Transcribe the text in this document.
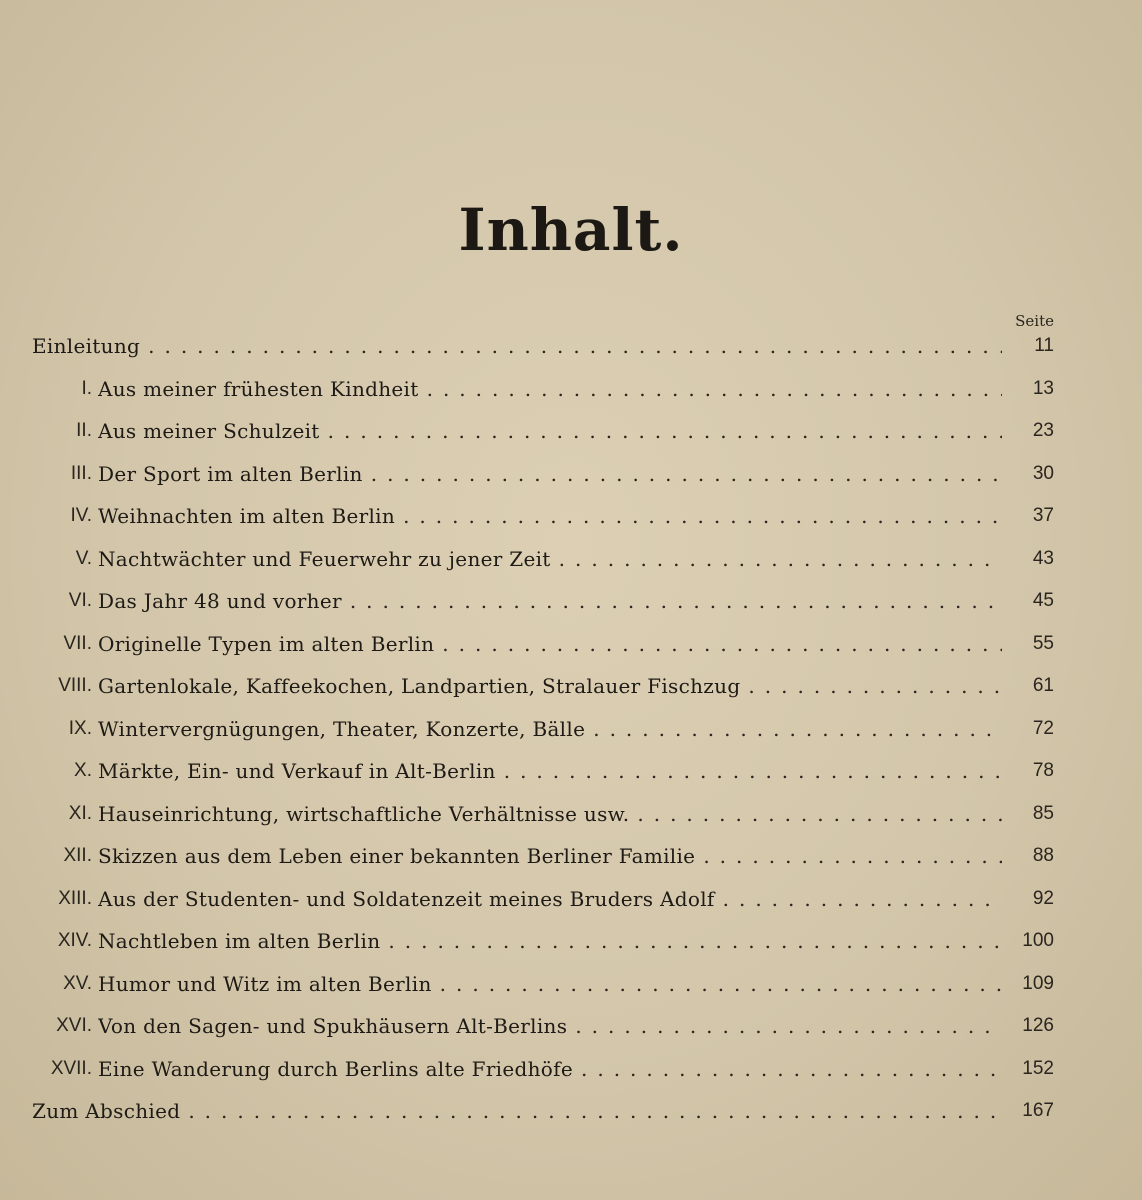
Inhalt.
Seite
Einleitung .....	11
I. Aus meiner frühesten Kindheit .....	13
II. Aus meiner Schulzeit .....	23
III. Der Sport im alten Berlin .....	30
IV. Weihnachten im alten Berlin .....	37
V. Nachtwächter und Feuerwehr zu jener Zeit .....	43
VI. Das Jahr 48 und vorher .....	45
VII. Originelle Typen im alten Berlin .....	55
VIII. Gartenlokale, Kaffeekochen, Landpartien, Stralauer Fischzug .....	61
IX. Wintervergnügungen, Theater, Konzerte, Bälle .....	72
X. Märkte, Ein- und Verkauf in Alt-Berlin .....	78
XI. Hauseinrichtung, wirtschaftliche Verhältnisse usw. .....	85
XII. Skizzen aus dem Leben einer bekannten Berliner Familie .....	88
XIII. Aus der Studenten- und Soldatenzeit meines Bruders Adolf .....	92
XIV. Nachtleben im alten Berlin .....	100
XV. Humor und Witz im alten Berlin .....	109
XVI. Von den Sagen- und Spukhäusern Alt-Berlins .....	126
XVII. Eine Wanderung durch Berlins alte Friedhöfe .....	152
Zum Abschied .....	167
